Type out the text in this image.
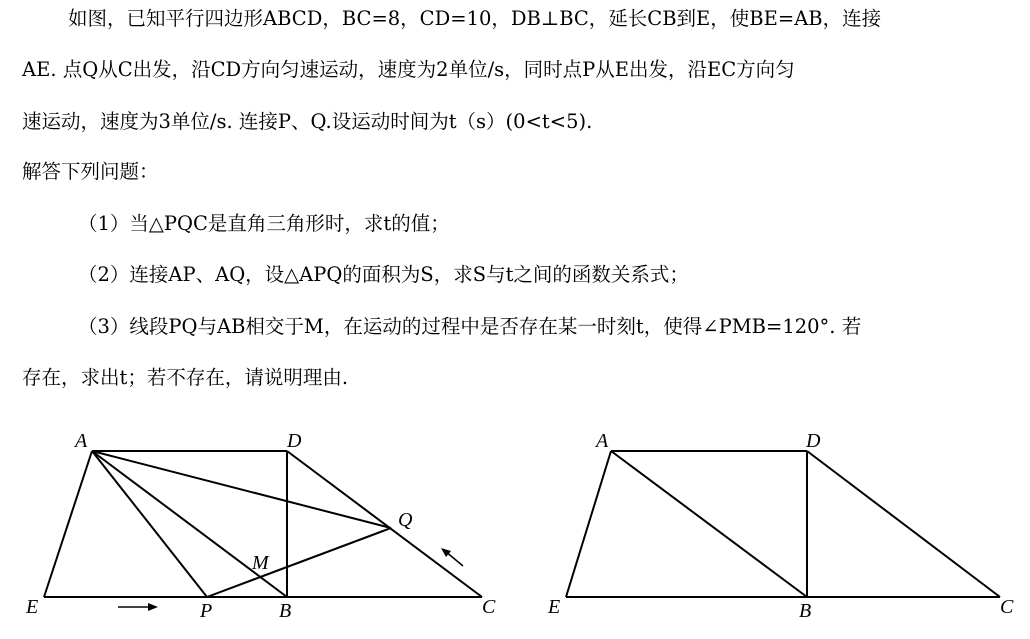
如图，已知平行四边形ABCD，BC=8，CD=10，DB⊥BC，延长CB到E，使BE=AB，连接
AE. 点Q从C出发，沿CD方向匀速运动，速度为2单位/s，同时点P从E出发，沿EC方向匀
速运动，速度为3单位/s. 连接P、Q.设运动时间为t（s）(0<t<5).
解答下列问题：
（1）当△PQC是直角三角形时，求t的值；
（2）连接AP、AQ，设△APQ的面积为S，求S与t之间的函数关系式；
（3）线段PQ与AB相交于M，在运动的过程中是否存在某一时刻t，使得∠PMB=120°. 若
存在，求出t；若不存在，请说明理由.
A	D
E	P	B	C
M
Q
A	D
E	B	C
